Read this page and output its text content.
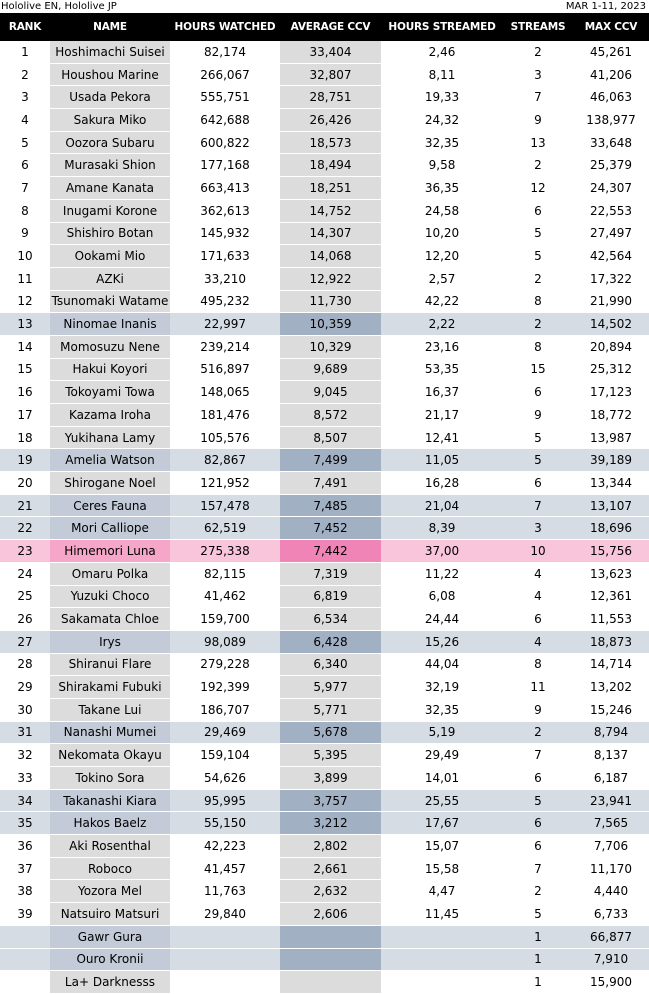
Hololive EN, Hololive JP	MAR 1-11, 2023
RANK	NAME	HOURS WATCHED	AVERAGE CCV	HOURS STREAMED	STREAMS	MAX CCV
1	Hoshimachi Suisei	82,174	33,404	2,46	2	45,261
2	Houshou Marine	266,067	32,807	8,11	3	41,206
3	Usada Pekora	555,751	28,751	19,33	7	46,063
4	Sakura Miko	642,688	26,426	24,32	9	138,977
5	Oozora Subaru	600,822	18,573	32,35	13	33,648
6	Murasaki Shion	177,168	18,494	9,58	2	25,379
7	Amane Kanata	663,413	18,251	36,35	12	24,307
8	Inugami Korone	362,613	14,752	24,58	6	22,553
9	Shishiro Botan	145,932	14,307	10,20	5	27,497
10	Ookami Mio	171,633	14,068	12,20	5	42,564
11	AZKi	33,210	12,922	2,57	2	17,322
12	Tsunomaki Watame	495,232	11,730	42,22	8	21,990
13	Ninomae Inanis	22,997	10,359	2,22	2	14,502
14	Momosuzu Nene	239,214	10,329	23,16	8	20,894
15	Hakui Koyori	516,897	9,689	53,35	15	25,312
16	Tokoyami Towa	148,065	9,045	16,37	6	17,123
17	Kazama Iroha	181,476	8,572	21,17	9	18,772
18	Yukihana Lamy	105,576	8,507	12,41	5	13,987
19	Amelia Watson	82,867	7,499	11,05	5	39,189
20	Shirogane Noel	121,952	7,491	16,28	6	13,344
21	Ceres Fauna	157,478	7,485	21,04	7	13,107
22	Mori Calliope	62,519	7,452	8,39	3	18,696
23	Himemori Luna	275,338	7,442	37,00	10	15,756
24	Omaru Polka	82,115	7,319	11,22	4	13,623
25	Yuzuki Choco	41,462	6,819	6,08	4	12,361
26	Sakamata Chloe	159,700	6,534	24,44	6	11,553
27	Irys	98,089	6,428	15,26	4	18,873
28	Shiranui Flare	279,228	6,340	44,04	8	14,714
29	Shirakami Fubuki	192,399	5,977	32,19	11	13,202
30	Takane Lui	186,707	5,771	32,35	9	15,246
31	Nanashi Mumei	29,469	5,678	5,19	2	8,794
32	Nekomata Okayu	159,104	5,395	29,49	7	8,137
33	Tokino Sora	54,626	3,899	14,01	6	6,187
34	Takanashi Kiara	95,995	3,757	25,55	5	23,941
35	Hakos Baelz	55,150	3,212	17,67	6	7,565
36	Aki Rosenthal	42,223	2,802	15,07	6	7,706
37	Roboco	41,457	2,661	15,58	7	11,170
38	Yozora Mel	11,763	2,632	4,47	2	4,440
39	Natsuiro Matsuri	29,840	2,606	11,45	5	6,733
	Gawr Gura				1	66,877
	Ouro Kronii				1	7,910
	La+ Darknesss				1	15,900
